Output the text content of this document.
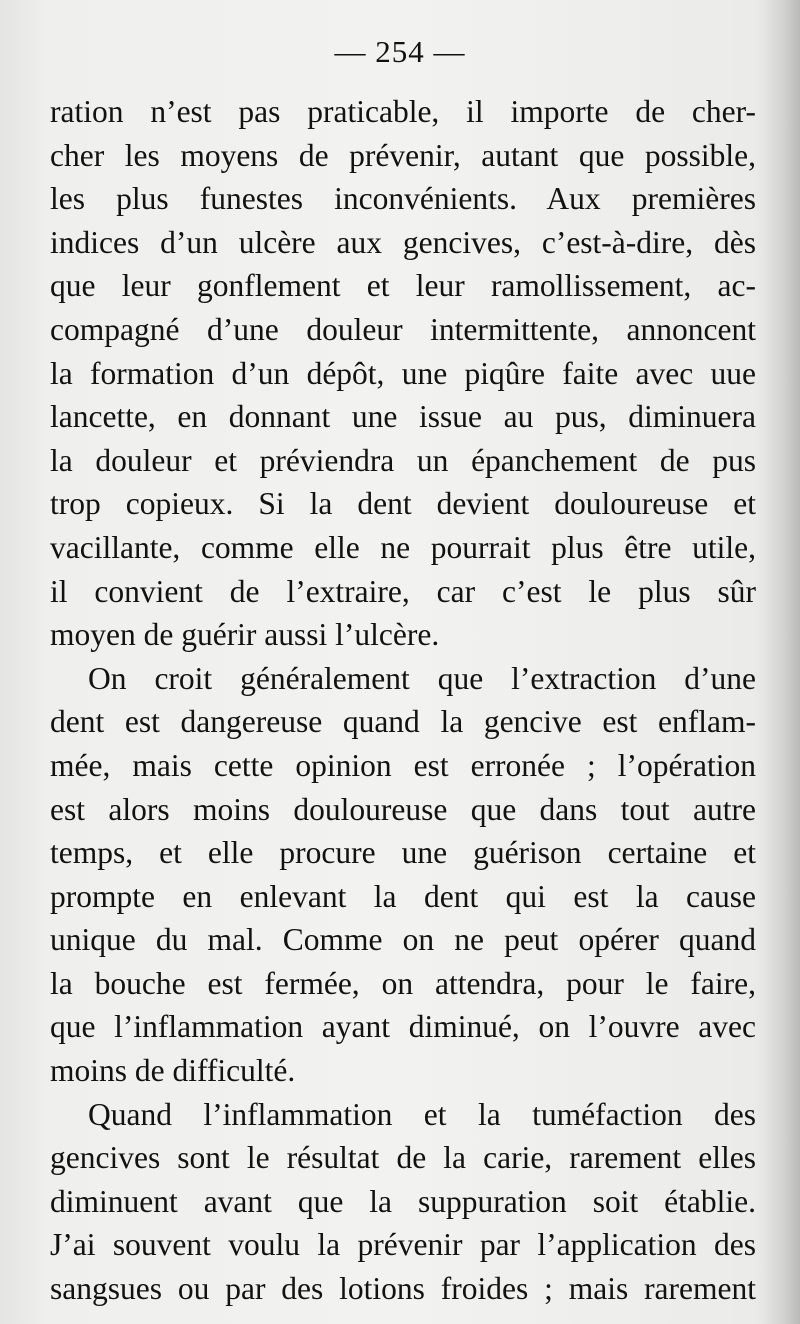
— 254 —
ration n’est pas praticable, il importe de cher-
cher les moyens de prévenir, autant que possible,
les plus funestes inconvénients. Aux premières
indices d’un ulcère aux gencives, c’est-à-dire, dès
que leur gonflement et leur ramollissement, ac-
compagné d’une douleur intermittente, annoncent
la formation d’un dépôt, une piqûre faite avec uue
lancette, en donnant une issue au pus, diminuera
la douleur et préviendra un épanchement de pus
trop copieux. Si la dent devient douloureuse et
vacillante, comme elle ne pourrait plus être utile,
il convient de l’extraire, car c’est le plus sûr
moyen de guérir aussi l’ulcère.
On croit généralement que l’extraction d’une
dent est dangereuse quand la gencive est enflam-
mée, mais cette opinion est erronée ; l’opération
est alors moins douloureuse que dans tout autre
temps, et elle procure une guérison certaine et
prompte en enlevant la dent qui est la cause
unique du mal. Comme on ne peut opérer quand
la bouche est fermée, on attendra, pour le faire,
que l’inflammation ayant diminué, on l’ouvre avec
moins de difficulté.
Quand l’inflammation et la tuméfaction des
gencives sont le résultat de la carie, rarement elles
diminuent avant que la suppuration soit établie.
J’ai souvent voulu la prévenir par l’application des
sangsues ou par des lotions froides ; mais rarement
